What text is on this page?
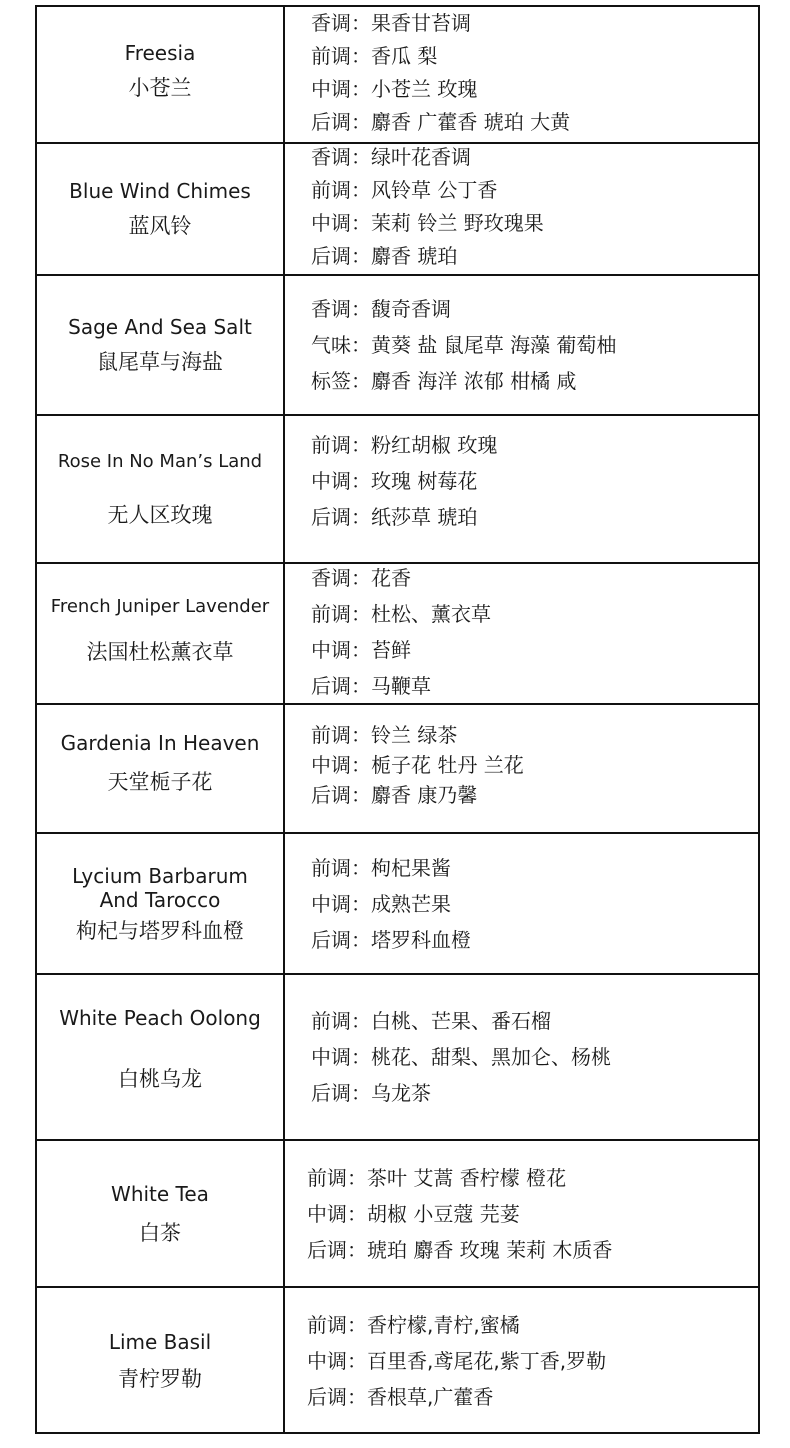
Freesia
小苍兰
香调：果香甘苔调
前调：香瓜 梨
中调：小苍兰 玫瑰
后调：麝香 广藿香 琥珀 大黄
Blue Wind Chimes
蓝风铃
香调：绿叶花香调
前调：风铃草 公丁香
中调：茉莉 铃兰 野玫瑰果
后调：麝香 琥珀
Sage And Sea Salt
鼠尾草与海盐
香调：馥奇香调
气味：黄葵 盐 鼠尾草 海藻 葡萄柚
标签：麝香 海洋 浓郁 柑橘 咸
Rose In No Man’s Land
无人区玫瑰
前调：粉红胡椒 玫瑰
中调：玫瑰 树莓花
后调：纸莎草 琥珀
French Juniper Lavender
法国杜松薰衣草
香调：花香
前调：杜松、薰衣草
中调：苔鲜
后调：马鞭草
Gardenia In Heaven
天堂栀子花
前调：铃兰 绿茶
中调：栀子花 牡丹 兰花
后调：麝香 康乃馨
Lycium Barbarum
And Tarocco
枸杞与塔罗科血橙
前调：枸杞果酱
中调：成熟芒果
后调：塔罗科血橙
White Peach Oolong
白桃乌龙
前调：白桃、芒果、番石榴
中调：桃花、甜梨、黑加仑、杨桃
后调：乌龙茶
White Tea
白茶
前调：茶叶 艾蒿 香柠檬 橙花
中调：胡椒 小豆蔻 芫荽
后调：琥珀 麝香 玫瑰 茉莉 木质香
Lime Basil
青柠罗勒
前调：香柠檬,青柠,蜜橘
中调：百里香,鸢尾花,紫丁香,罗勒
后调：香根草,广藿香
